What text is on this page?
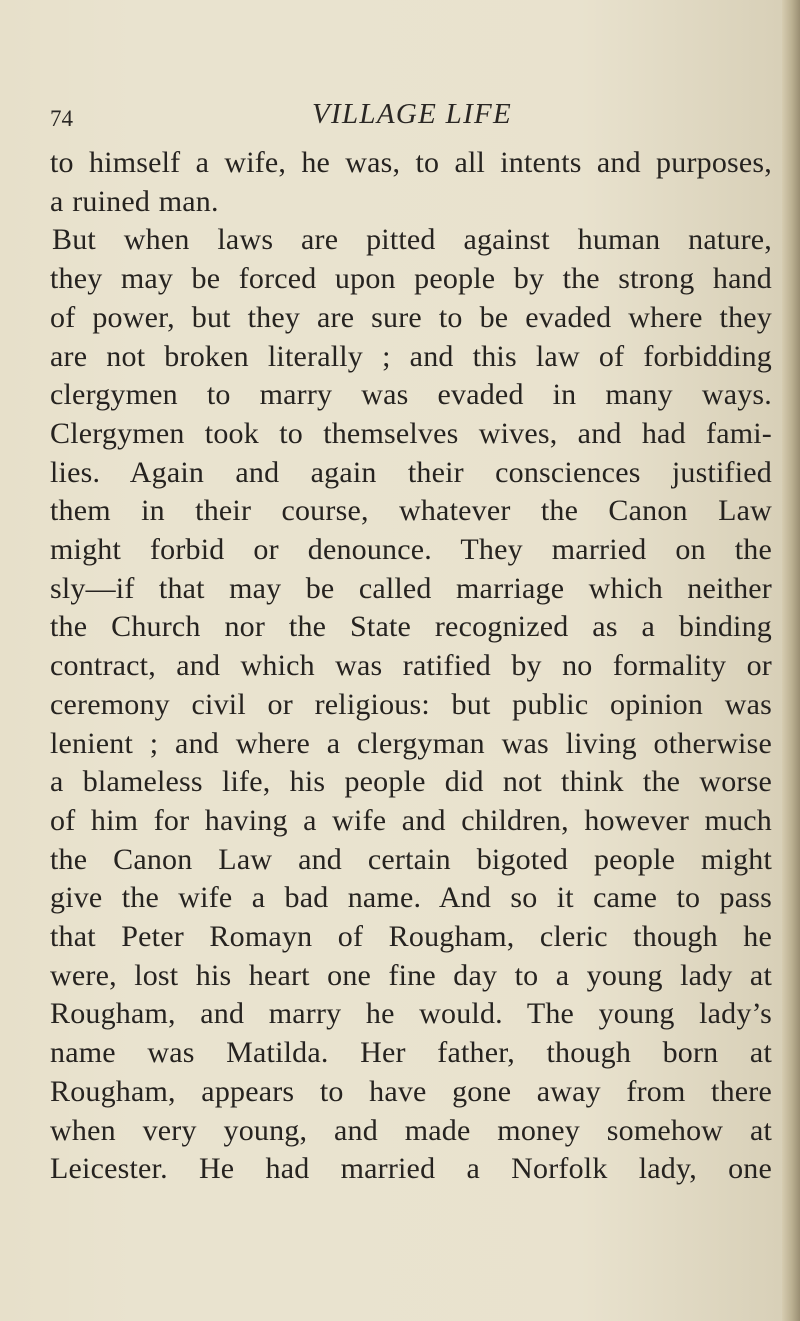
74	VILLAGE LIFE
to himself a wife, he was, to all intents and purposes,
a ruined man.
But when laws are pitted against human nature,
they may be forced upon people by the strong hand
of power, but they are sure to be evaded where they
are not broken literally ; and this law of forbidding
clergymen to marry was evaded in many ways.
Clergymen took to themselves wives, and had fami-
lies. Again and again their consciences justified
them in their course, whatever the Canon Law
might forbid or denounce. They married on the
sly—if that may be called marriage which neither
the Church nor the State recognized as a binding
contract, and which was ratified by no formality or
ceremony civil or religious: but public opinion was
lenient ; and where a clergyman was living otherwise
a blameless life, his people did not think the worse
of him for having a wife and children, however much
the Canon Law and certain bigoted people might
give the wife a bad name. And so it came to pass
that Peter Romayn of Rougham, cleric though he
were, lost his heart one fine day to a young lady at
Rougham, and marry he would. The young lady’s
name was Matilda. Her father, though born at
Rougham, appears to have gone away from there
when very young, and made money somehow at
Leicester. He had married a Norfolk lady, one
